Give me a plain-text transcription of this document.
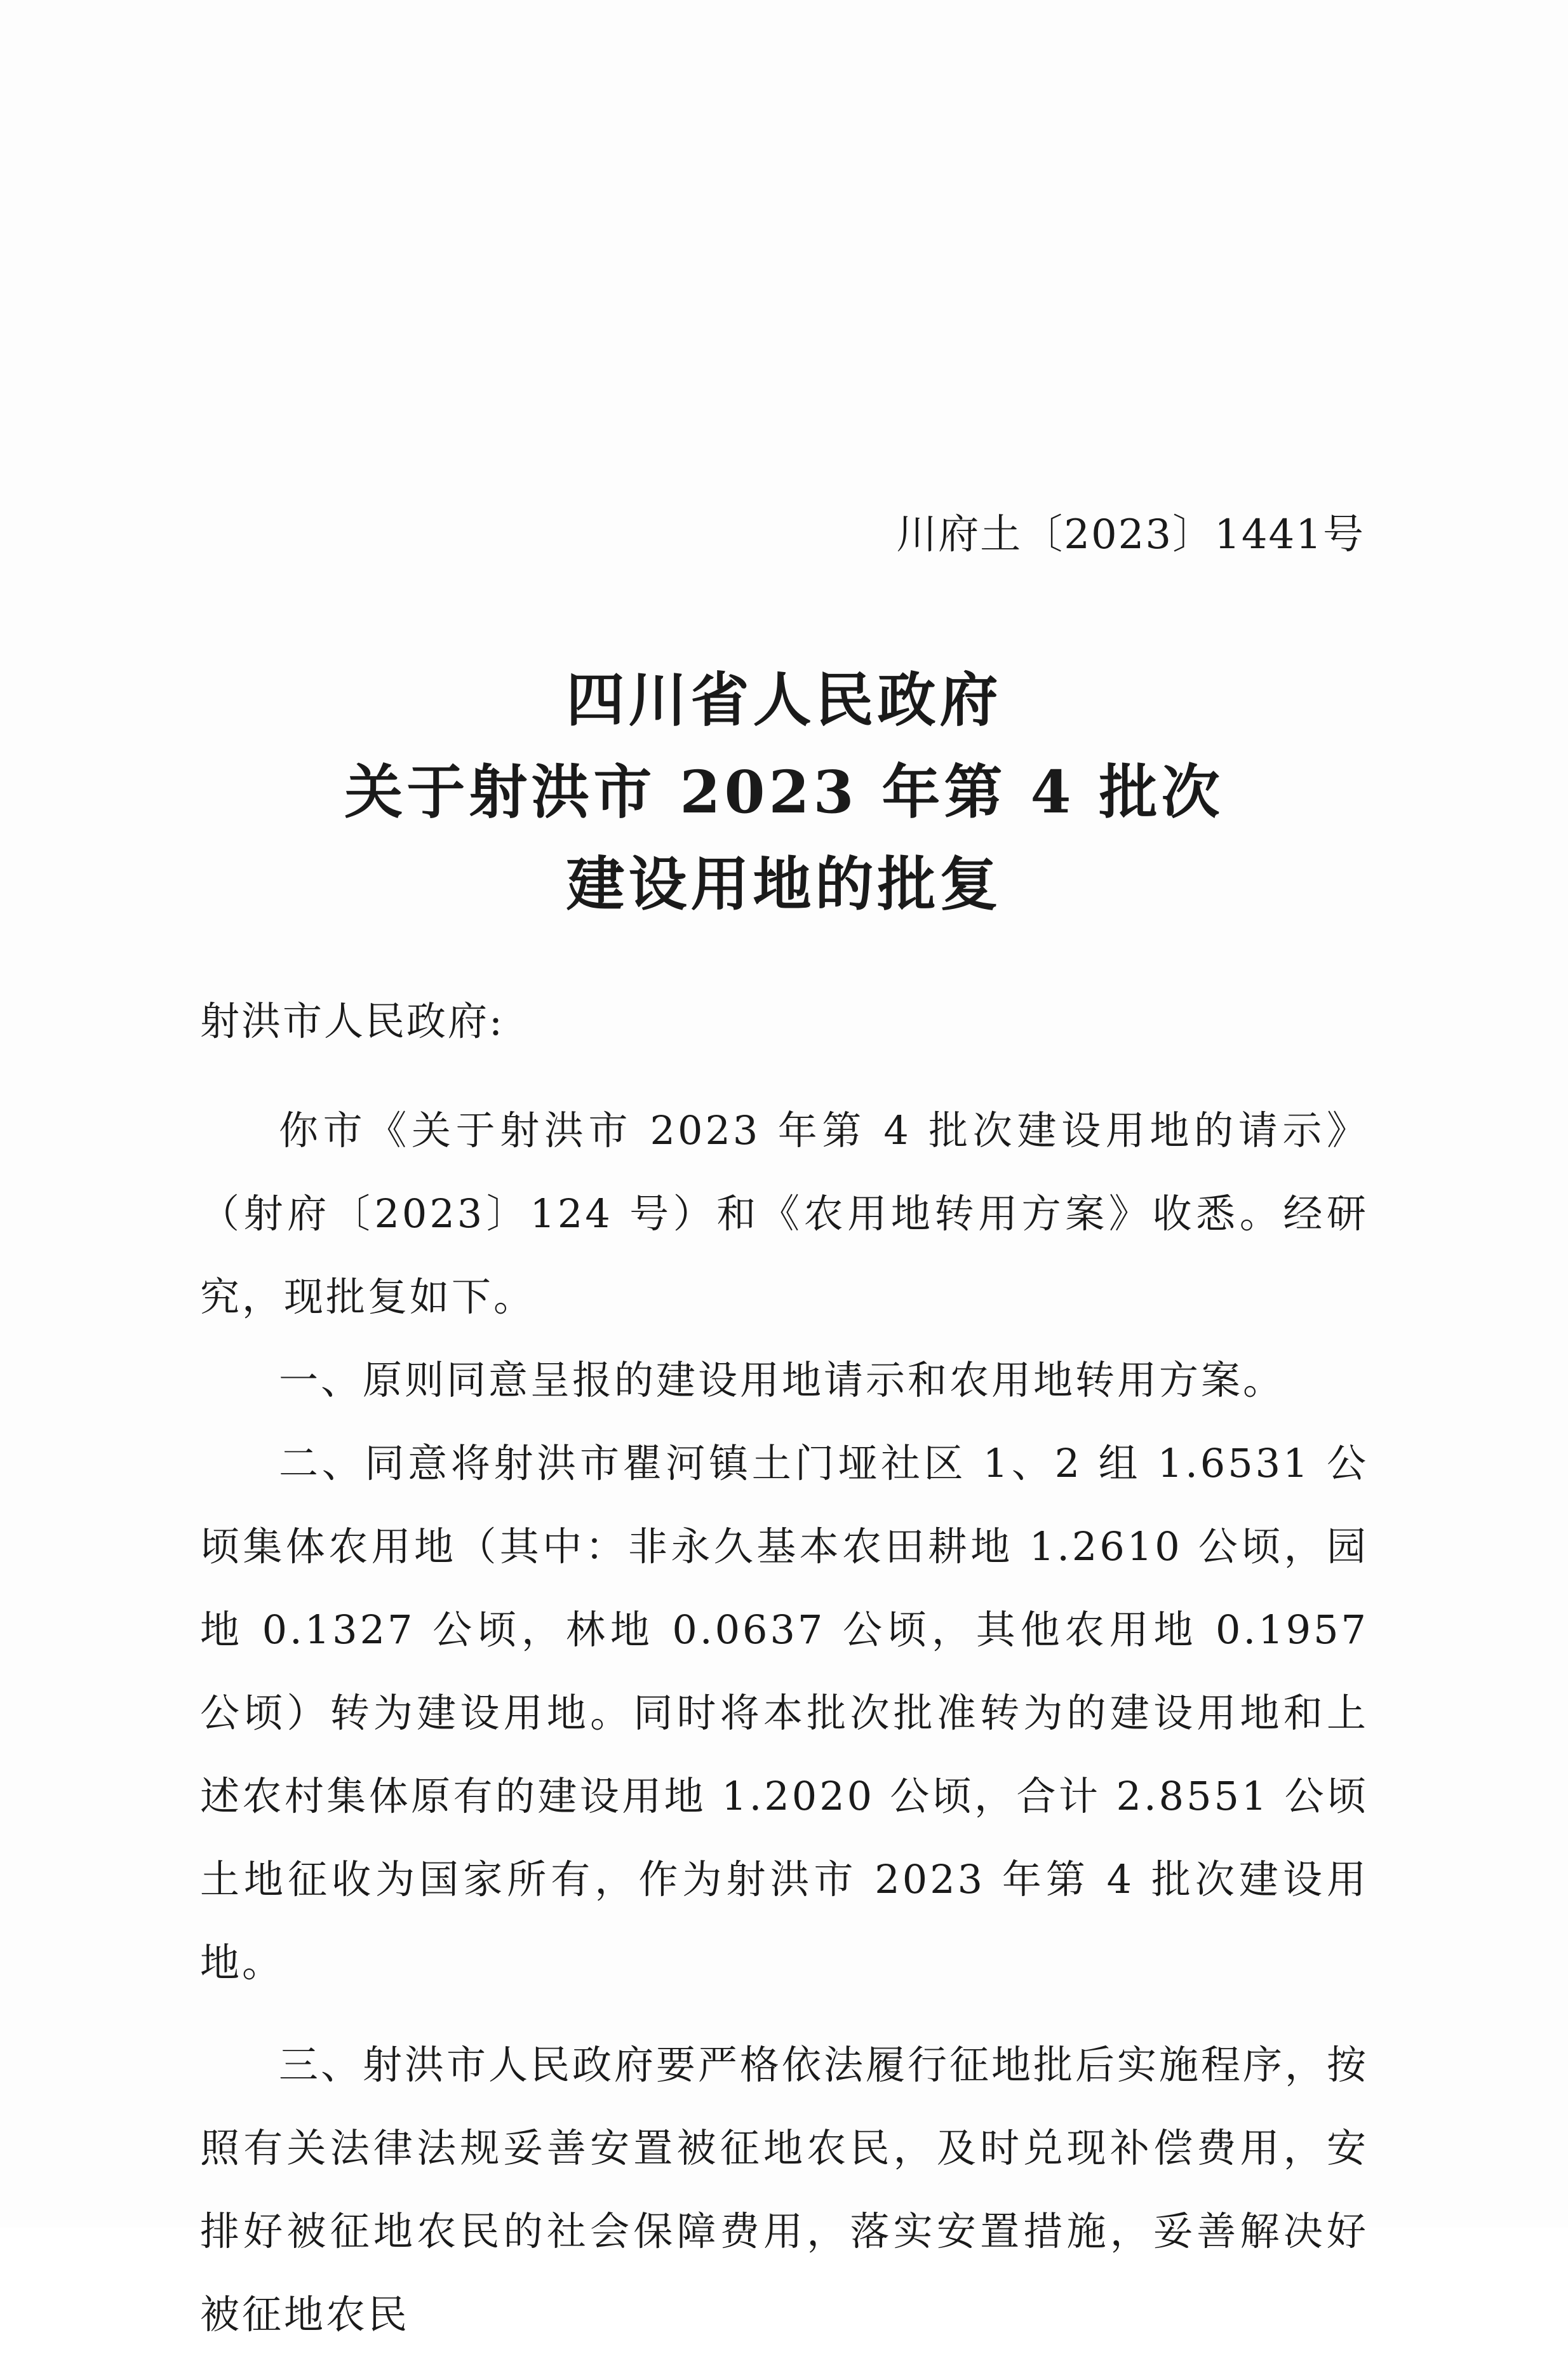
川府土〔2023〕1441号
四川省人民政府
关于射洪市 2023 年第 4 批次
建设用地的批复
射洪市人民政府:

你市《关于射洪市 2023 年第 4 批次建设用地的请示》（射府〔2023〕124 号）和《农用地转用方案》收悉。经研究，现批复如下。

一、原则同意呈报的建设用地请示和农用地转用方案。

二、同意将射洪市瞿河镇土门垭社区 1、2 组 1.6531 公顷集体农用地（其中：非永久基本农田耕地 1.2610 公顷，园地 0.1327 公顷，林地 0.0637 公顷，其他农用地 0.1957 公顷）转为建设用地。同时将本批次批准转为的建设用地和上述农村集体原有的建设用地 1.2020 公顷，合计 2.8551 公顷土地征收为国家所有，作为射洪市 2023 年第 4 批次建设用地。

三、射洪市人民政府要严格依法履行征地批后实施程序，按照有关法律法规妥善安置被征地农民，及时兑现补偿费用，安排好被征地农民的社会保障费用，落实安置措施，妥善解决好被征地农民
